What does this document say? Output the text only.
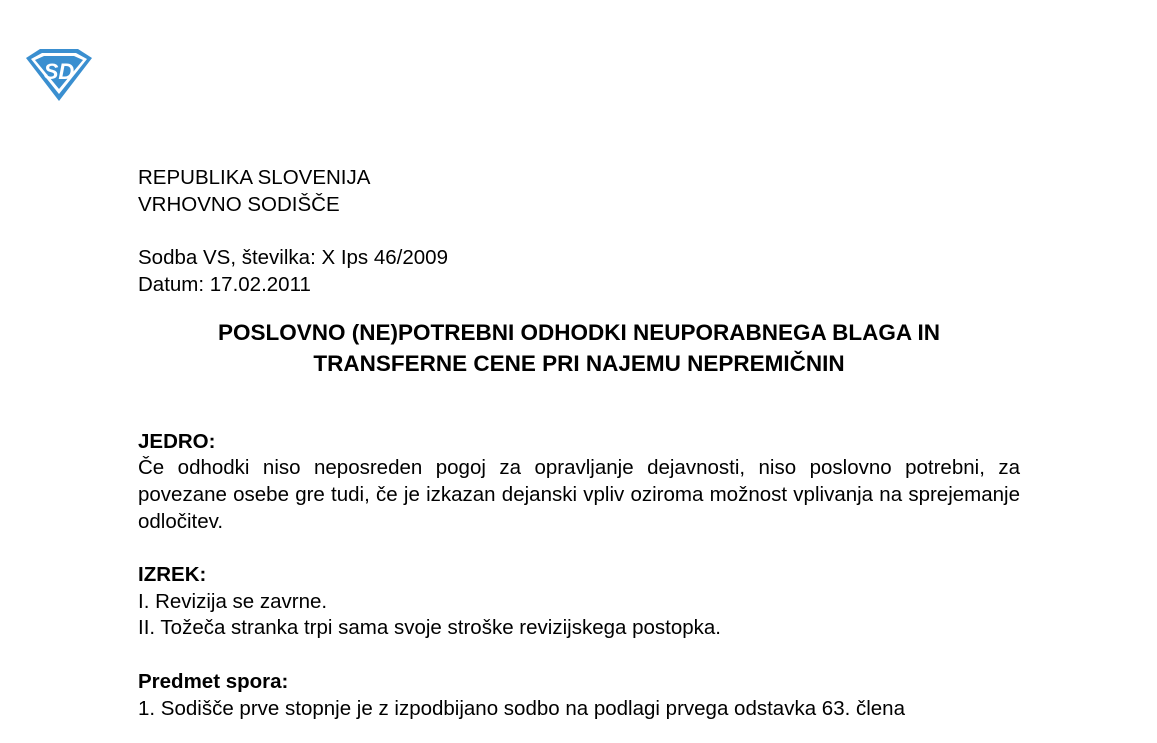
SD
REPUBLIKA SLOVENIJA
VRHOVNO SODIŠČE
Sodba VS, številka: X Ips 46/2009
Datum: 17.02.2011
POSLOVNO (NE)POTREBNI ODHODKI NEUPORABNEGA BLAGA IN
TRANSFERNE CENE PRI NAJEMU NEPREMIČNIN
JEDRO:

Če odhodki niso neposreden pogoj za opravljanje dejavnosti, niso poslovno potrebni, za povezane osebe gre tudi, če je izkazan dejanski vpliv oziroma možnost vplivanja na sprejemanje odločitev.

IZREK:
I. Revizija se zavrne.
II. Tožeča stranka trpi sama svoje stroške revizijskega postopka.
Predmet spora:
1. Sodišče prve stopnje je z izpodbijano sodbo na podlagi prvega odstavka 63. člena
